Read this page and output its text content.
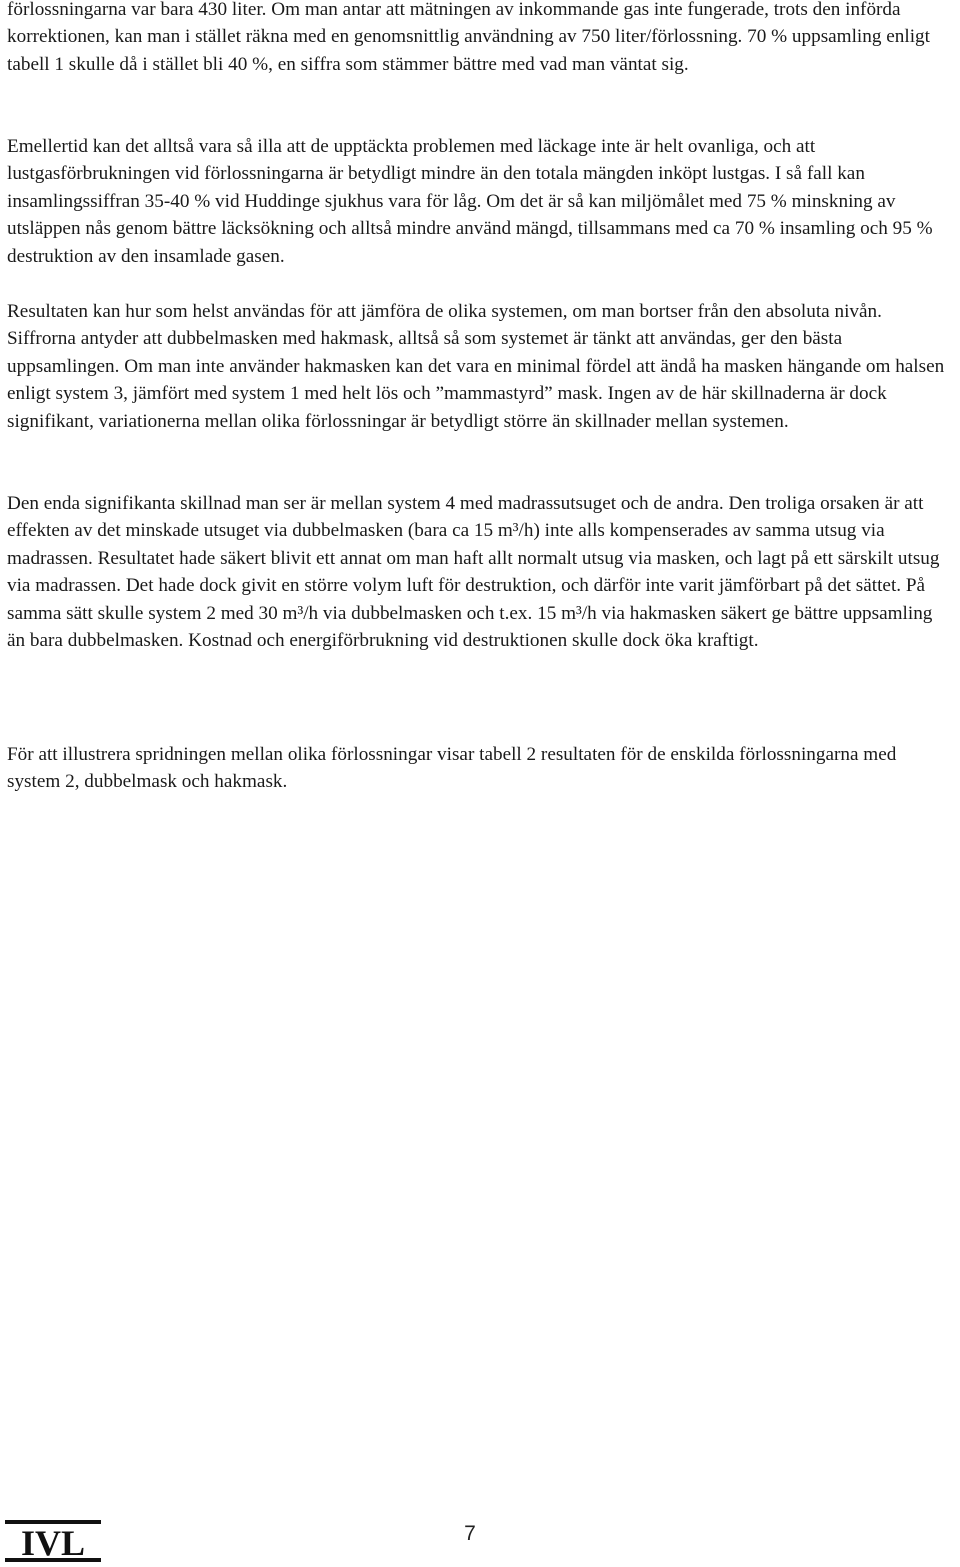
förlossningarna var bara 430 liter. Om man antar att mätningen av inkommande gas inte fungerade, trots den införda korrektionen, kan man i stället räkna med en genomsnittlig användning av 750 liter/förlossning. 70 % uppsamling enligt tabell 1 skulle då i stället bli 40 %, en siffra som stämmer bättre med vad man väntat sig.

Emellertid kan det alltså vara så illa att de upptäckta problemen med läckage inte är helt ovanliga, och att lustgasförbrukningen vid förlossningarna är betydligt mindre än den totala mängden inköpt lustgas. I så fall kan insamlingssiffran 35-40 % vid Huddinge sjukhus vara för låg. Om det är så kan miljömålet med 75 % minskning av utsläppen nås genom bättre läcksökning och alltså mindre använd mängd, tillsammans med ca 70 % insamling och 95 % destruktion av den insamlade gasen.

Resultaten kan hur som helst användas för att jämföra de olika systemen, om man bortser från den absoluta nivån. Siffrorna antyder att dubbelmasken med hakmask, alltså så som systemet är tänkt att användas, ger den bästa uppsamlingen. Om man inte använder hakmasken kan det vara en minimal fördel att ändå ha masken hängande om halsen enligt system 3, jämfört med system 1 med helt lös och ”mammastyrd” mask. Ingen av de här skillnaderna är dock signifikant, variationerna mellan olika förlossningar är betydligt större än skillnader mellan systemen.

Den enda signifikanta skillnad man ser är mellan system 4 med madrassutsuget och de andra. Den troliga orsaken är att effekten av det minskade utsuget via dubbelmasken (bara ca 15 m³/h) inte alls kompenserades av samma utsug via madrassen. Resultatet hade säkert blivit ett annat om man haft allt normalt utsug via masken, och lagt på ett särskilt utsug via madrassen. Det hade dock givit en större volym luft för destruktion, och därför inte varit jämförbart på det sättet. På samma sätt skulle system 2 med 30 m³/h via dubbelmasken och t.ex. 15 m³/h via hakmasken säkert ge bättre uppsamling än bara dubbelmasken. Kostnad och energiförbrukning vid destruktionen skulle dock öka kraftigt.

För att illustrera spridningen mellan olika förlossningar visar tabell 2 resultaten för de enskilda förlossningarna med system 2, dubbelmask och hakmask.

IVL	7
